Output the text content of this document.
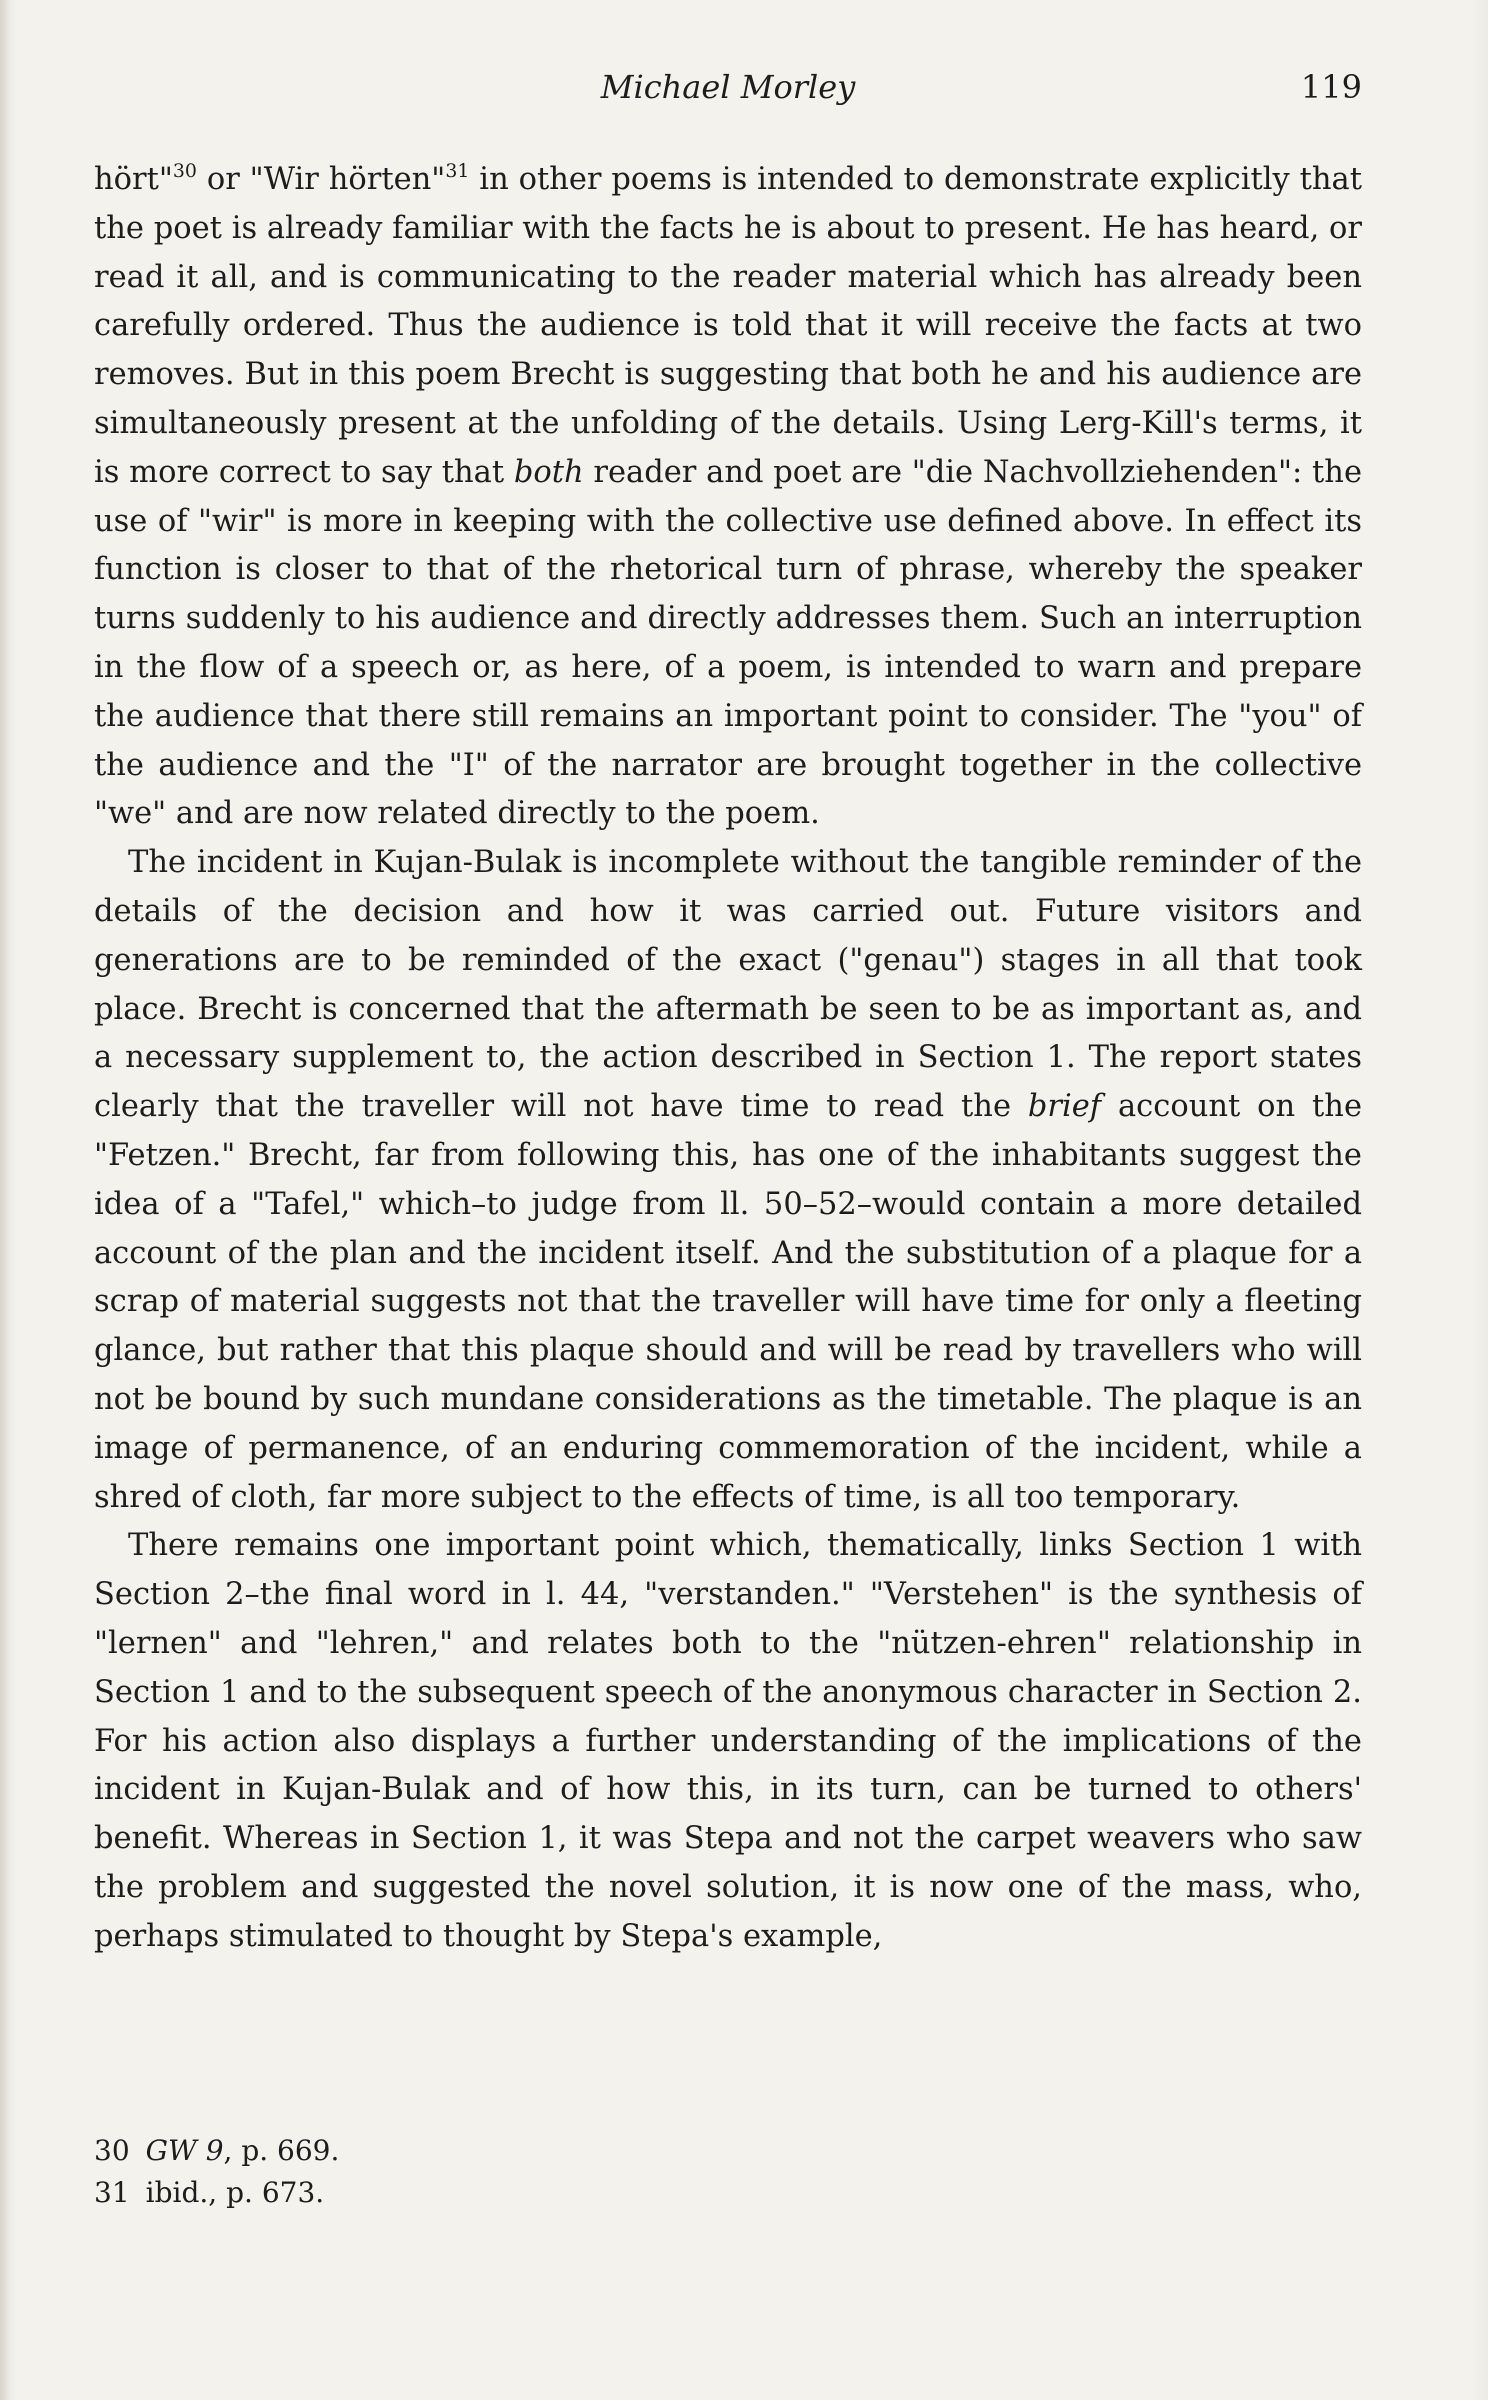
Michael Morley	119

hört"$^{30}$ or "Wir hörten"$^{31}$ in other poems is intended to demonstrate explicitly that the poet is already familiar with the facts he is about to present. He has heard, or read it all, and is communicating to the reader material which has already been carefully ordered. Thus the audience is told that it will receive the facts at two removes. But in this poem Brecht is suggesting that both he and his audience are simultaneously present at the unfolding of the details. Using Lerg-Kill's terms, it is more correct to say that both reader and poet are "die Nachvollziehenden": the use of "wir" is more in keeping with the collective use defined above. In effect its function is closer to that of the rhetorical turn of phrase, whereby the speaker turns suddenly to his audience and directly addresses them. Such an interruption in the flow of a speech or, as here, of a poem, is intended to warn and prepare the audience that there still remains an important point to consider. The "you" of the audience and the "I" of the narrator are brought together in the collective "we" and are now related directly to the poem.

The incident in Kujan-Bulak is incomplete without the tangible reminder of the details of the decision and how it was carried out. Future visitors and generations are to be reminded of the exact ("genau") stages in all that took place. Brecht is concerned that the aftermath be seen to be as important as, and a necessary supplement to, the action described in Section 1. The report states clearly that the traveller will not have time to read the brief account on the "Fetzen." Brecht, far from following this, has one of the inhabitants suggest the idea of a "Tafel," which–to judge from ll. 50–52–would contain a more detailed account of the plan and the incident itself. And the substitution of a plaque for a scrap of material suggests not that the traveller will have time for only a fleeting glance, but rather that this plaque should and will be read by travellers who will not be bound by such mundane considerations as the timetable. The plaque is an image of permanence, of an enduring commemoration of the incident, while a shred of cloth, far more subject to the effects of time, is all too temporary.

There remains one important point which, thematically, links Section 1 with Section 2–the final word in l. 44, "verstanden." "Verstehen" is the synthesis of "lernen" and "lehren," and relates both to the "nützen-ehren" relationship in Section 1 and to the subsequent speech of the anonymous character in Section 2. For his action also displays a further understanding of the implications of the incident in Kujan-Bulak and of how this, in its turn, can be turned to others' benefit. Whereas in Section 1, it was Stepa and not the carpet weavers who saw the problem and suggested the novel solution, it is now one of the mass, who, perhaps stimulated to thought by Stepa's example,

30 GW 9, p. 669.

31 ibid., p. 673.
